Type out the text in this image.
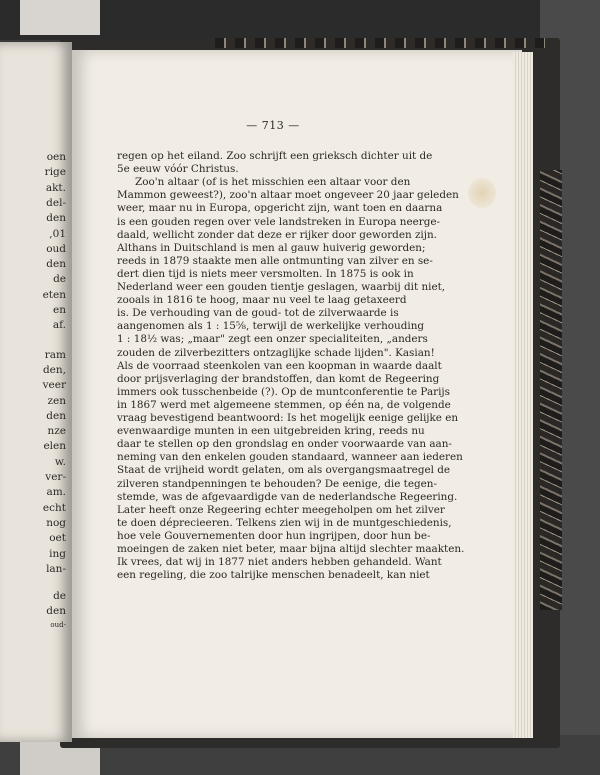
oen
rige
akt.
del-
den
,01
oud
den
de
eten
en
af.
ram
den,
veer
zen
den
nze
elen
w.
ver-
am.
echt
nog
oet
ing
lan-
de
den
oud-
— 713 —
regen op het eiland. Zoo schrijft een grieksch dichter uit de
5e eeuw vóór Christus.
Zoo'n altaar (of is het misschien een altaar voor den
Mammon geweest?), zoo'n altaar moet ongeveer 20 jaar geleden
weer, maar nu in Europa, opgericht zijn, want toen en daarna
is een gouden regen over vele landstreken in Europa neerge-
daald, wellicht zonder dat deze er rijker door geworden zijn.
Althans in Duitschland is men al gauw huiverig geworden;
reeds in 1879 staakte men alle ontmunting van zilver en se-
dert dien tijd is niets meer versmolten. In 1875 is ook in
Nederland weer een gouden tientje geslagen, waarbij dit niet,
zooals in 1816 te hoog, maar nu veel te laag getaxeerd
is. De verhouding van de goud- tot de zilverwaarde is
aangenomen als 1 : 15⅝, terwijl de werkelijke verhouding
1 : 18½ was; „maar" zegt een onzer specialiteiten, „anders
zouden de zilverbezitters ontzaglijke schade lijden". Kasian!
Als de voorraad steenkolen van een koopman in waarde daalt
door prijsverlaging der brandstoffen, dan komt de Regeering
immers ook tusschenbeide (?). Op de muntconferentie te Parijs
in 1867 werd met algemeene stemmen, op één na, de volgende
vraag bevestigend beantwoord: Is het mogelijk eenige gelijke en
evenwaardige munten in een uitgebreiden kring, reeds nu
daar te stellen op den grondslag en onder voorwaarde van aan-
neming van den enkelen gouden standaard, wanneer aan iederen
Staat de vrijheid wordt gelaten, om als overgangsmaatregel de
zilveren standpenningen te behouden? De eenige, die tegen-
stemde, was de afgevaardigde van de nederlandsche Regeering.
Later heeft onze Regeering echter meegeholpen om het zilver
te doen déprecieeren. Telkens zien wij in de muntgeschiedenis,
hoe vele Gouvernementen door hun ingrijpen, door hun be-
moeingen de zaken niet beter, maar bijna altijd slechter maakten.
Ik vrees, dat wij in 1877 niet anders hebben gehandeld. Want
een regeling, die zoo talrijke menschen benadeelt, kan niet
